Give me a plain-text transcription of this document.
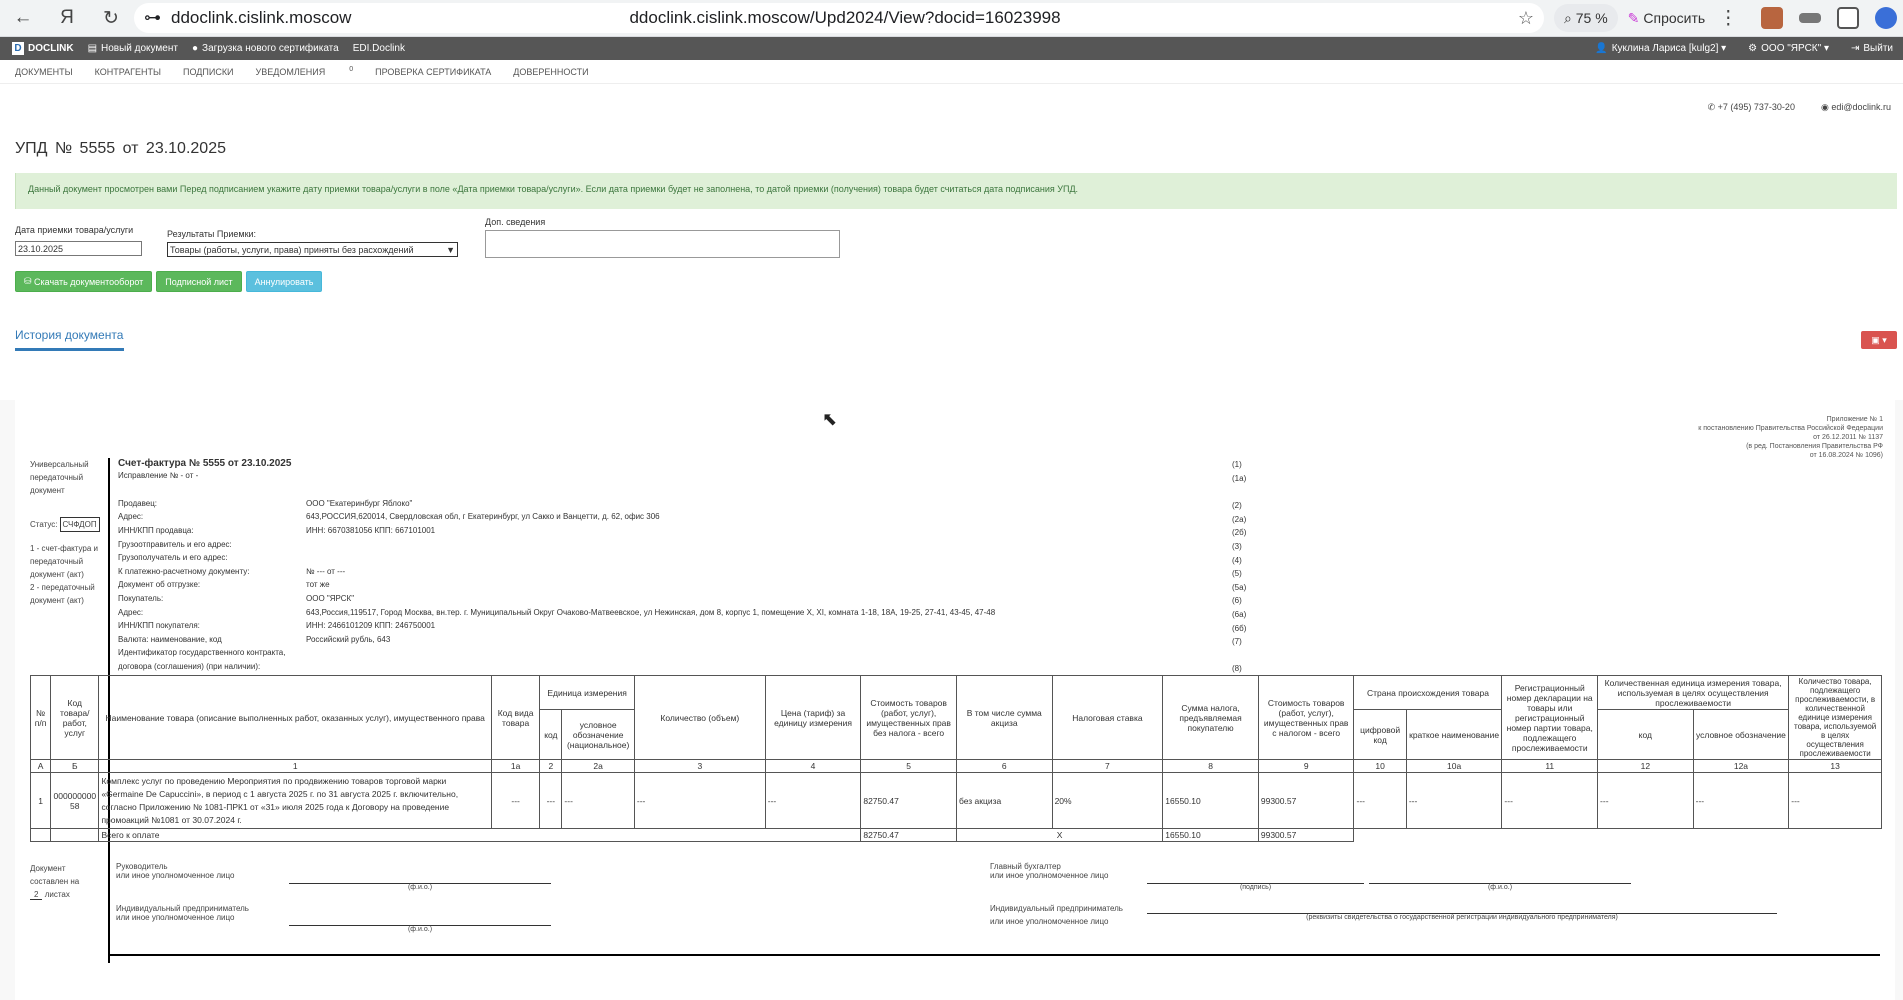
←	Я	↻	⊶ ddoclink.cislink.moscow	ddoclink.cislink.moscow/Upd2024/View?docid=16023998	☆	⌕ 75 % ✎ Спросить ⋮
D DOCLINK ▤ Новый документ ● Загрузка нового сертификата EDI.Doclink	👤 Куклина Лариса [kulg2] ▾ ⚙ ООО "ЯРСК" ▾ ⇥ Выйти
ДОКУМЕНТЫ КОНТРАГЕНТЫ ПОДПИСКИ УВЕДОМЛЕНИЯ	$^0$ ПРОВЕРКА СЕРТИФИКАТА ДОВЕРЕННОСТИ
✆ +7 (495) 737-30-20	◉ edi@doclink.ru
УПД № 5555 от 23.10.2025
Данный документ просмотрен вами Перед подписанием укажите дату приемки товара/услуги в поле «Дата приемки товара/услуги». Если дата приемки будет не заполнена, то датой приемки (получения) товара будет считаться дата подписания УПД.
Дата приемки товара/услуги
23.10.2025
Результаты Приемки:
Товары (работы, услуги, права) приняты без расхождений	▼
Доп. сведения
⛁ Скачать документооборот	Подписной лист	Аннулировать
▣ ▾
История документа
Приложение № 1
к постановлению Правительства Российской Федерации
от 26.12.2011 № 1137
(в ред. Постановления Правительства РФ
от 16.08.2024 № 1096)
Универсальный передаточный документ
Статус: СЧФДОП
1 - счет-фактура и передаточный документ (акт)
2 - передаточный документ (акт)
Счет-фактура № 5555 от 23.10.2025
Исправление № - от -
Продавец:	ООО "Екатеринбург Яблоко"
Адрес:	643,РОССИЯ,620014, Свердловская обл, г Екатеринбург, ул Сакко и Ванцетти, д. 62, офис 306
ИНН/КПП продавца:	ИНН: 6670381056 КПП: 667101001
Грузоотправитель и его адрес:
Грузополучатель и его адрес:
К платежно-расчетному документу:	№ --- от ---
Документ об отгрузке:	тот же
Покупатель:	ООО "ЯРСК"
Адрес:	643,Россия,119517, Город Москва, вн.тер. г. Муниципальный Округ Очаково-Матвеевское, ул Нежинская, дом 8, корпус 1, помещение X, XI, комната 1-18, 18А, 19-25, 27-41, 43-45, 47-48
ИНН/КПП покупателя:	ИНН: 2466101209 КПП: 246750001
Валюта: наименование, код	Российский рубль, 643
Идентификатор государственного контракта,
договора (соглашения) (при наличии):
(1)
(1а)
(2)
(2а)
(2б)
(3)
(4)
(5)
(5а)
(6)
(6а)
(6б)
(7)
(8)
№ п/п	Код товара/ работ, услуг	Наименование товара (описание выполненных работ, оказанных услуг), имущественного права	Код вида товара	Единица измерения		Количество (объем)	Цена (тариф) за единицу измерения	Стоимость товаров (работ, услуг), имущественных прав без налога - всего	В том числе сумма акциза	Налоговая ставка	Сумма налога, предъявляемая покупателю	Стоимость товаров (работ, услуг), имущественных прав с налогом - всего	Страна происхождения товара		Регистрационный номер декларации на товары или регистрационный номер партии товара, подлежащего прослеживаемости	Количественная единица измерения товара, используемая в целях осуществления прослеживаемости		Количество товара, подлежащего прослеживаемости, в количественной единице измерения товара, используемой в целях осуществления прослеживаемости
				код	условное обозначение (национальное)								цифровой код	краткое наименование		код	условное обозначение	
А	Б	1	1а	2	2а	3	4	5	6	7	8	9	10	10а	11	12	12а	13
1	00000000058	Комплекс услуг по проведению Мероприятия по продвижению товаров торговой марки «Germaine De Capuccini», в период с 1 августа 2025 г. по 31 августа 2025 г. включительно, согласно Приложению № 1081-ПРК1 от «31» июля 2025 года к Договору на проведение промоакций №1081 от 30.07.2024 г.	---	---	---	---	---	82750.47	без акциза	20%	16550.10	99300.57	---	---	---	---	---	---
		Всего к оплате						82750.47	Х		16550.10	99300.57						
Документ составлен на
2 листах
Руководитель
или иное уполномоченное лицо
(ф.и.о.)
Индивидуальный предприниматель
или иное уполномоченное лицо
(ф.и.о.)
Главный бухгалтер
или иное уполномоченное лицо
(подпись)	(ф.и.о.)
Индивидуальный предприниматель
или иное уполномоченное лицо	(реквизиты свидетельства о государственной регистрации индивидуального предпринимателя)
⬉
